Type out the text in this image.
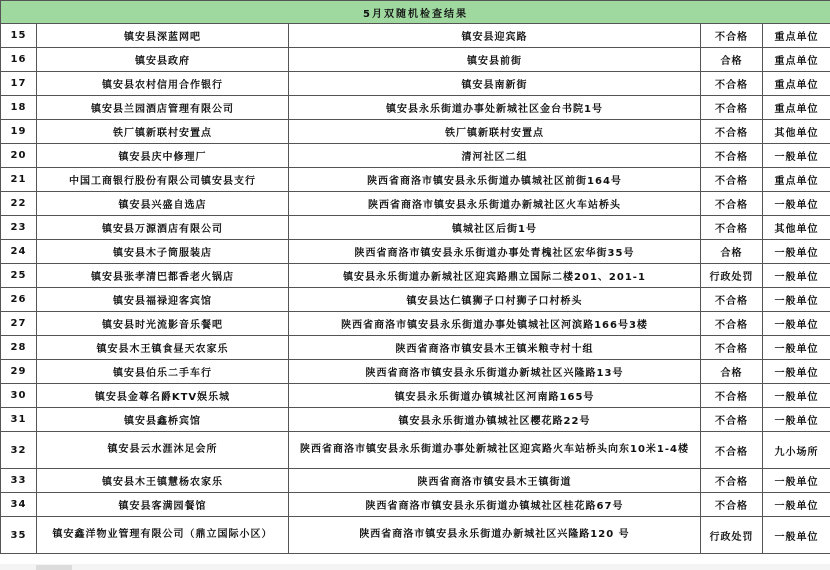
5月双随机检查结果				
15	镇安县深蓝网吧	镇安县迎宾路	不合格	重点单位
16	镇安县政府	镇安县前街	合格	重点单位
17	镇安县农村信用合作银行	镇安县南新街	不合格	重点单位
18	镇安县兰园酒店管理有限公司	镇安县永乐街道办事处新城社区金台书院1号	不合格	重点单位
19	铁厂镇新联村安置点	铁厂镇新联村安置点	不合格	其他单位
20	镇安县庆中修理厂	清河社区二组	不合格	一般单位
21	中国工商银行股份有限公司镇安县支行	陕西省商洛市镇安县永乐街道办镇城社区前街164号	不合格	重点单位
22	镇安县兴盛自选店	陕西省商洛市镇安县永乐街道办新城社区火车站桥头	不合格	一般单位
23	镇安县万源酒店有限公司	镇城社区后街1号	不合格	其他单位
24	镇安县木子筒服装店	陕西省商洛市镇安县永乐街道办事处青槐社区宏华街35号	合格	一般单位
25	镇安县张孝清巴都香老火锅店	镇安县永乐街道办新城社区迎宾路鼎立国际二楼201、201-1	行政处罚	一般单位
26	镇安县福禄迎客宾馆	镇安县达仁镇狮子口村狮子口村桥头	不合格	一般单位
27	镇安县时光流影音乐餐吧	陕西省商洛市镇安县永乐街道办事处镇城社区河滨路166号3楼	不合格	一般单位
28	镇安县木王镇食昼天农家乐	陕西省商洛市镇安县木王镇米粮寺村十组	不合格	一般单位
29	镇安县伯乐二手车行	陕西省商洛市镇安县永乐街道办新城社区兴隆路13号	合格	一般单位
30	镇安县金尊名爵KTV娱乐城	镇安县永乐街道办镇城社区河南路165号	不合格	一般单位
31	镇安县鑫桥宾馆	镇安县永乐街道办镇城社区樱花路22号	不合格	一般单位
32	镇安县云水涯沐足会所	陕西省商洛市镇安县永乐街道办事处新城社区迎宾路火车站桥头向东10米1-4楼	不合格	九小场所
33	镇安县木王镇慧杨农家乐	陕西省商洛市镇安县木王镇街道	不合格	一般单位
34	镇安县客满园餐馆	陕西省商洛市镇安县永乐街道办镇城社区桂花路67号	不合格	一般单位
35	镇安鑫洋物业管理有限公司（鼎立国际小区）	陕西省商洛市镇安县永乐街道办新城社区兴隆路120 号	行政处罚	一般单位
